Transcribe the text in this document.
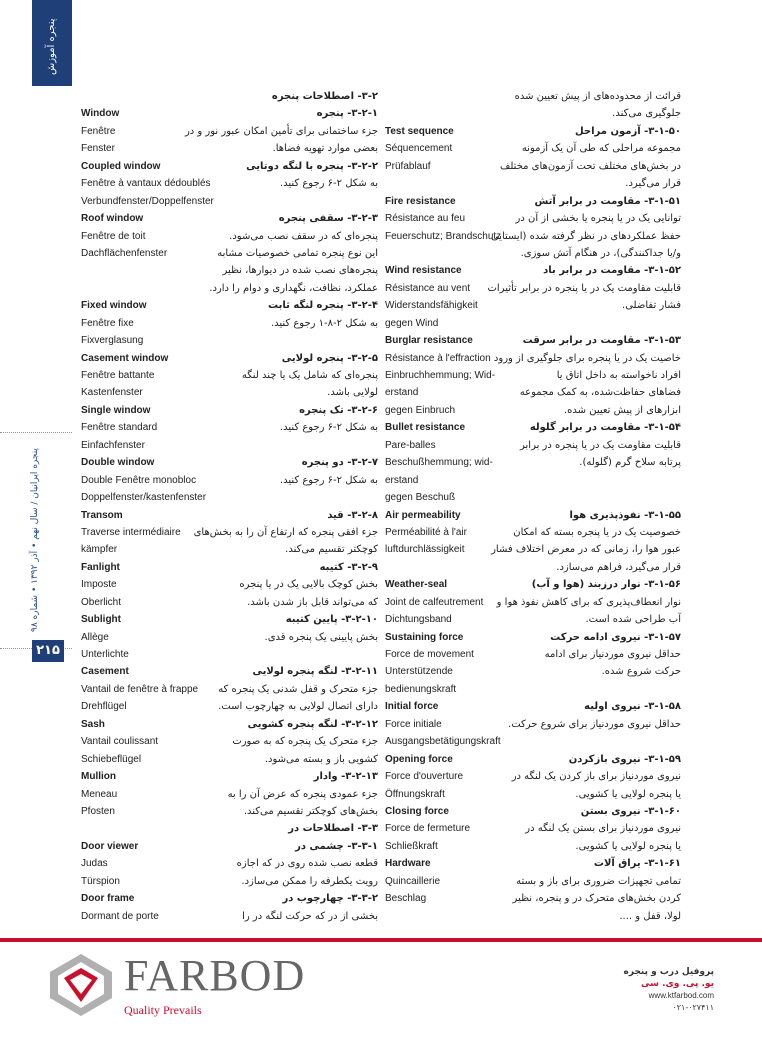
پنجره آموزش
پنجره ایرانیان / سال نهم • آذر ۱۳۹۲ • شماره ۹۸
۲۱۵
Window
Fenêtre
Fenster
Coupled window
Fenêtre à vantaux dédoublés
Verbundfenster/Doppelfenster
Roof window
Fenêtre de toit
Dachflächenfenster
Fixed window
Fenêtre fixe
Fixverglasung
Casement window
Fenêtre battante
Kastenfenster
Single window
Fenêtre standard
Einfachfenster
Double window
Double Fenêtre monobloc
Doppelfenster/kastenfenster
Transom
Traverse intermédiaire
kämpfer
Fanlight
Imposte
Oberlicht
Sublight
Allège
Unterlichte
Casement
Vantail de fenêtre à frappe
Drehflügel
Sash
Vantail coulissant
Schiebeflügel
Mullion
Meneau
Pfosten
Door viewer
Judas
Türspion
Door frame
Dormant de porte
۳-۲- اصطلاحات پنجره
۳-۲-۱- پنجره
جزء ساختمانی برای تأمین امکان عبور نور و در
بعضی موارد تهویه فضاها.
۳-۲-۲- پنجره با لنگه دوتایی
به شکل ۲-۶ رجوع کنید.
۳-۲-۳- سقفی پنجره
پنجره‌ای که در سقف نصب می‌شود.
این نوع پنجره تمامی خصوصیات مشابه
پنجره‌های نصب شده در دیوارها، نظیر
عملکرد، نظافت، نگهداری و دوام را دارد.
۳-۲-۴- پنجره لنگه ثابت
به شکل ۲-۸-۱ رجوع کنید.
۳-۲-۵- پنجره لولایی
پنجره‌ای که شامل یک یا چند لنگه
لولایی باشد.
۳-۲-۶- تک پنجره
به شکل ۲-۶ رجوع کنید.
۳-۲-۷- دو پنجره
به شکل ۲-۶ رجوع کنید.
۳-۲-۸- قید
جزء افقی پنجره که ارتفاع آن را به بخش‌های
کوچکتر تقسیم می‌کند.
۳-۲-۹- کتیبه
بخش کوچک بالایی یک در یا پنجره
که می‌تواند قابل باز شدن باشد.
۳-۲-۱۰- پایین کتیبه
بخش پایینی یک پنجره قدی.
۳-۲-۱۱- لنگه پنجره لولایی
جزء متحرک و قفل شدنی یک پنجره که
دارای اتصال لولایی به چهارچوب است.
۳-۲-۱۲- لنگه پنجره کشویی
جزء متحرک یک پنجره که به صورت
کشویی باز و بسته می‌شود.
۳-۲-۱۳- وادار
جزء عمودی پنجره که عرض آن را به
بخش‌های کوچکتر تقسیم می‌کند.
۳-۳- اصطلاحات در
۳-۳-۱- چشمی در
قطعه نصب شده روی در که اجازه
رویت یکطرفه را ممکن می‌سازد.
۳-۳-۲- چهارچوب در
بخشی از در که حرکت لنگه در را
Test sequence
Séquencement
Prüfablauf
Fire resistance
Résistance au feu
Feuerschutz; Brandschutz
Wind resistance
Résistance au vent
Widerstandsfähigkeit
gegen Wind
Burglar resistance
Résistance à l'effraction
Einbruchhemmung; Wid-
erstand
gegen Einbruch
Bullet resistance
Pare-balles
Beschußhemmung; wid-
erstand
gegen Beschuß
Air permeability
Perméabilité à l'air
luftdurchlässigkeit
Weather-seal
Joint de calfeutrement
Dichtungsband
Sustaining force
Force de movement
Unterstützende
bedienungskraft
Initial force
Force initiale
Ausgangsbetätigungskraft
Opening force
Force d'ouverture
Öffnungskraft
Closing force
Force de fermeture
Schließkraft
Hardware
Quincaillerie
Beschlag
قرائت از محدوده‌های از پیش تعیین شده
جلوگیری می‌کند.
۳-۱-۵۰- آزمون مراحل
مجموعه مراحلی که طی آن یک آزمونه
در بخش‌های مختلف تحت آزمون‌های مختلف
قرار می‌گیرد.
۳-۱-۵۱- مقاومت در برابر آتش
توانایی یک در یا پنجره یا بخشی از آن در
حفظ عملکردهای در نظر گرفته شده (ایستایی
و/یا جداکنندگی)، در هنگام آتش سوزی.
۳-۱-۵۲- مقاومت در برابر باد
قابلیت مقاومت یک در یا پنجره در برابر تأثیرات
فشار تفاضلی.
۳-۱-۵۳- مقاومت در برابر سرقت
خاصیت یک در یا پنجره برای جلوگیری از ورود
افراد ناخواسته به داخل اتاق یا
فضاهای حفاظت‌شده، به کمک مجموعه
ابزارهای از پیش تعیین شده.
۳-۱-۵۴- مقاومت در برابر گلوله
قابلیت مقاومت یک در یا پنجره در برابر
پرتابه سلاح گرم (گلوله).
۳-۱-۵۵- نفوذپذیری هوا
خصوصیت یک در یا پنجره بسته که امکان
عبور هوا را، زمانی که در معرض اختلاف فشار
قرار می‌گیرد، فراهم می‌سازد.
۳-۱-۵۶- نوار درزبند (هوا و آب)
نوار انعطاف‌پذیری که برای کاهش نفوذ هوا و
آب طراحی شده است.
۳-۱-۵۷- نیروی ادامه حرکت
حداقل نیروی موردنیاز برای ادامه
حرکت شروع شده.
۳-۱-۵۸- نیروی اولیه
حداقل نیروی موردنیاز برای شروع حرکت.
۳-۱-۵۹- نیروی بازکردن
نیروی موردنیاز برای باز کردن یک لنگه در
یا پنجره لولایی یا کشویی.
۳-۱-۶۰- نیروی بستن
نیروی موردنیاز برای بستن یک لنگه در
یا پنجره لولایی یا کشویی.
۳-۱-۶۱- یراق آلات
تمامی تجهیزات ضروری برای باز و بسته
کردن بخش‌های متحرک در و پنجره، نظیر
لولا، قفل و ....
FARBOD
Quality Prevails
پروفیل درب و پنجره
یو. پی. وی. سی
www.ktfarbod.com
۰۲۱-۰۲۷۴۱۱
